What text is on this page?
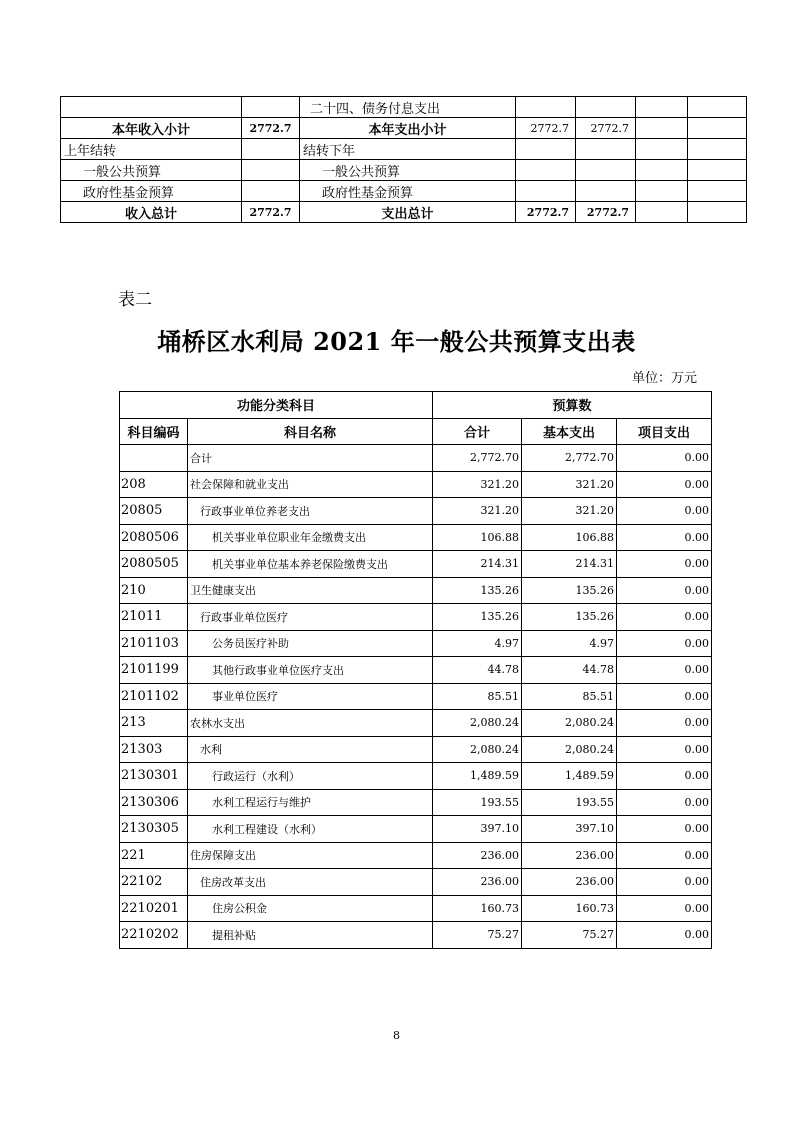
		二十四、债务付息支出				
本年收入小计	2772.7	本年支出小计	2772.7	2772.7		
上年结转		结转下年				
一般公共预算		一般公共预算				
政府性基金预算		政府性基金预算				
收入总计	2772.7	支出总计	2772.7	2772.7		
表二
埇桥区水利局 2021 年一般公共预算支出表
单位：万元
功能分类科目		预算数		
科目编码	科目名称	合计	基本支出	项目支出
	合计	2,772.70	2,772.70	0.00
208	社会保障和就业支出	321.20	321.20	0.00
20805	行政事业单位养老支出	321.20	321.20	0.00
2080506	机关事业单位职业年金缴费支出	106.88	106.88	0.00
2080505	机关事业单位基本养老保险缴费支出	214.31	214.31	0.00
210	卫生健康支出	135.26	135.26	0.00
21011	行政事业单位医疗	135.26	135.26	0.00
2101103	公务员医疗补助	4.97	4.97	0.00
2101199	其他行政事业单位医疗支出	44.78	44.78	0.00
2101102	事业单位医疗	85.51	85.51	0.00
213	农林水支出	2,080.24	2,080.24	0.00
21303	水利	2,080.24	2,080.24	0.00
2130301	行政运行（水利）	1,489.59	1,489.59	0.00
2130306	水利工程运行与维护	193.55	193.55	0.00
2130305	水利工程建设（水利）	397.10	397.10	0.00
221	住房保障支出	236.00	236.00	0.00
22102	住房改革支出	236.00	236.00	0.00
2210201	住房公积金	160.73	160.73	0.00
2210202	提租补贴	75.27	75.27	0.00
8
